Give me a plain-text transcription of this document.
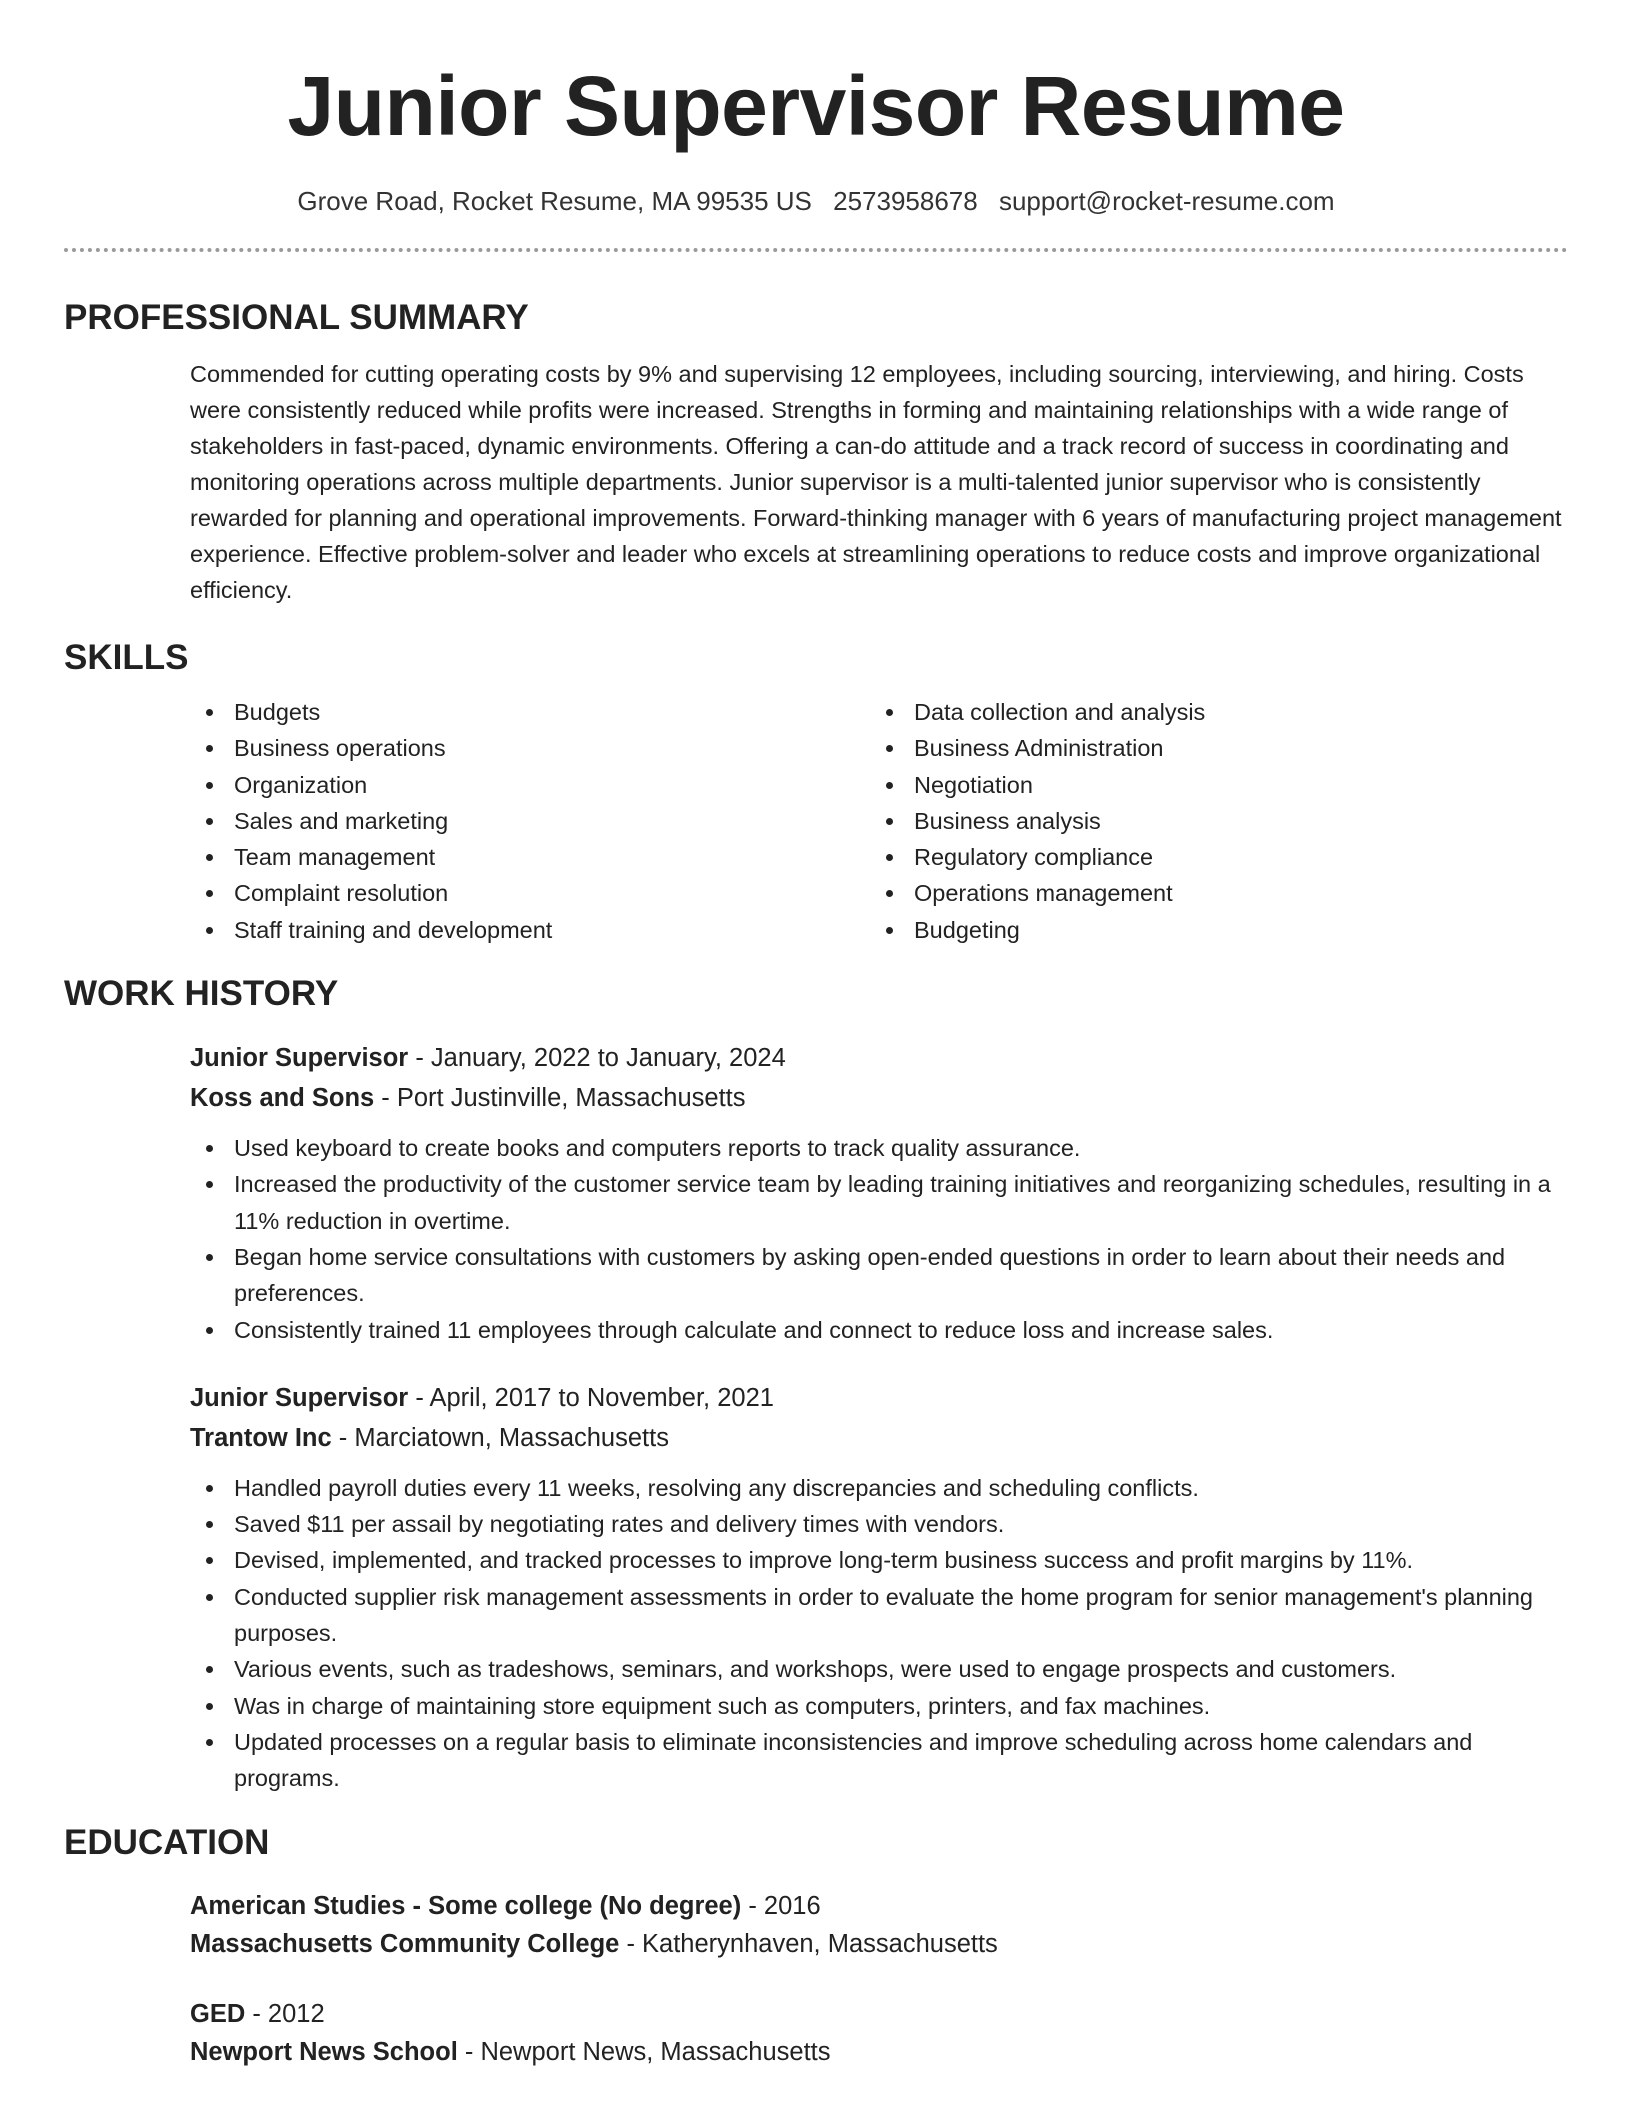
Junior Supervisor Resume
Grove Road, Rocket Resume, MA 99535 US 2573958678 support@rocket-resume.com
PROFESSIONAL SUMMARY

Commended for cutting operating costs by 9% and supervising 12 employees, including sourcing, interviewing, and hiring. Costs were consistently reduced while profits were increased. Strengths in forming and maintaining relationships with a wide range of stakeholders in fast-paced, dynamic environments. Offering a can-do attitude and a track record of success in coordinating and monitoring operations across multiple departments. Junior supervisor is a multi-talented junior supervisor who is consistently rewarded for planning and operational improvements. Forward-thinking manager with 6 years of manufacturing project management experience. Effective problem-solver and leader who excels at streamlining operations to reduce costs and improve organizational efficiency.

SKILLS
Budgets
Business operations
Organization
Sales and marketing
Team management
Complaint resolution
Staff training and development
Data collection and analysis
Business Administration
Negotiation
Business analysis
Regulatory compliance
Operations management
Budgeting
WORK HISTORY
Junior Supervisor - January, 2022 to January, 2024
Koss and Sons - Port Justinville, Massachusetts
Used keyboard to create books and computers reports to track quality assurance.
Increased the productivity of the customer service team by leading training initiatives and reorganizing schedules, resulting in a 11% reduction in overtime.
Began home service consultations with customers by asking open-ended questions in order to learn about their needs and preferences.
Consistently trained 11 employees through calculate and connect to reduce loss and increase sales.
Junior Supervisor - April, 2017 to November, 2021
Trantow Inc - Marciatown, Massachusetts
Handled payroll duties every 11 weeks, resolving any discrepancies and scheduling conflicts.
Saved $11 per assail by negotiating rates and delivery times with vendors.
Devised, implemented, and tracked processes to improve long-term business success and profit margins by 11%.
Conducted supplier risk management assessments in order to evaluate the home program for senior management's planning purposes.
Various events, such as tradeshows, seminars, and workshops, were used to engage prospects and customers.
Was in charge of maintaining store equipment such as computers, printers, and fax machines.
Updated processes on a regular basis to eliminate inconsistencies and improve scheduling across home calendars and programs.
EDUCATION
American Studies - Some college (No degree) - 2016
Massachusetts Community College - Katherynhaven, Massachusetts
GED - 2012
Newport News School - Newport News, Massachusetts
